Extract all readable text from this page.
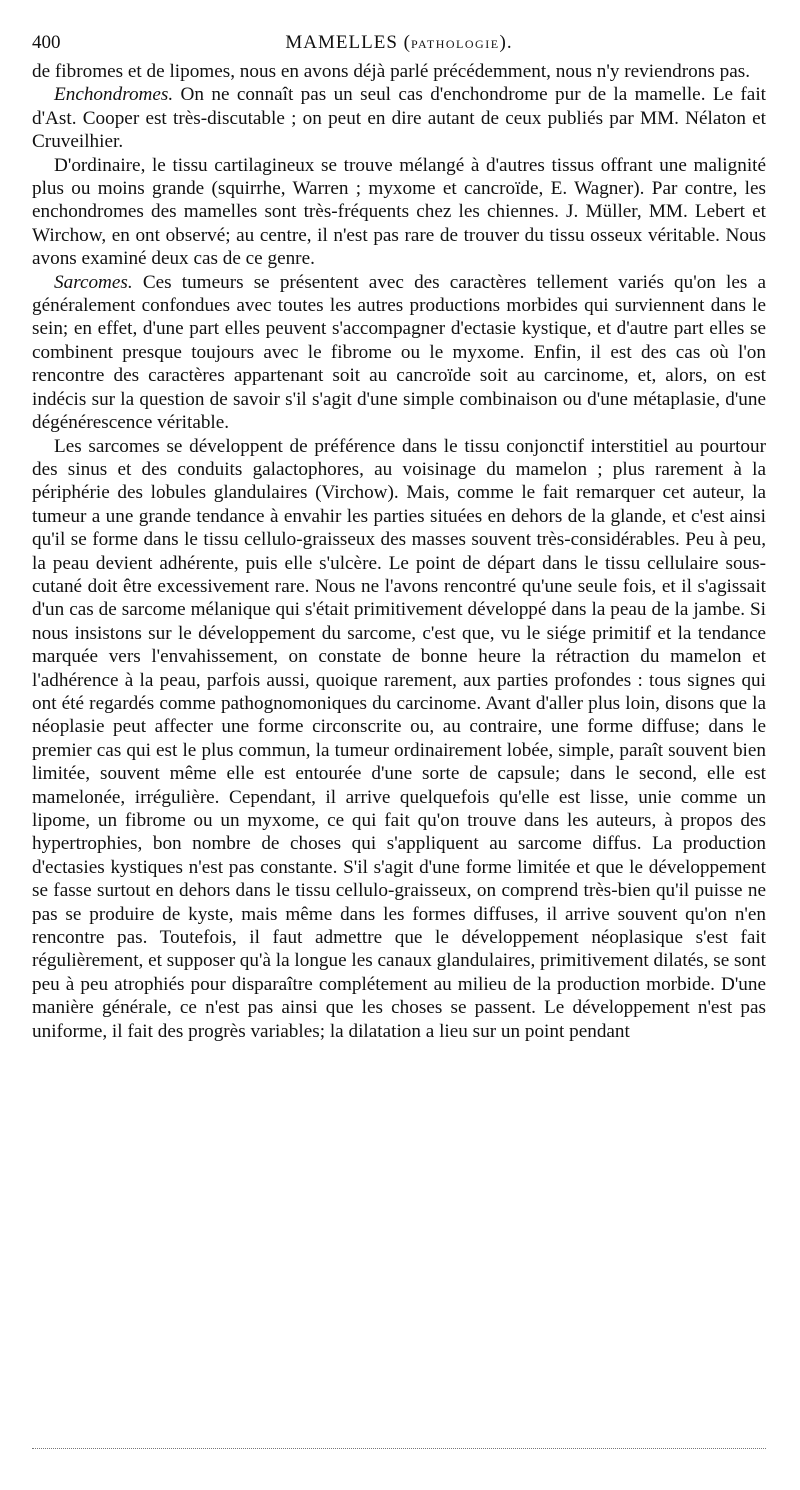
400	MAMELLES (PATHOLOGIE).

de fibromes et de lipomes, nous en avons déjà parlé précédemment, nous n'y reviendrons pas.

Enchondromes. On ne connaît pas un seul cas d'enchondrome pur de la mamelle. Le fait d'Ast. Cooper est très-discutable ; on peut en dire autant de ceux publiés par MM. Nélaton et Cruveilhier.

D'ordinaire, le tissu cartilagineux se trouve mélangé à d'autres tissus offrant une malignité plus ou moins grande (squirrhe, Warren ; myxome et cancroïde, E. Wagner). Par contre, les enchondromes des mamelles sont très-fréquents chez les chiennes. J. Müller, MM. Lebert et Wirchow, en ont observé; au centre, il n'est pas rare de trouver du tissu osseux véritable. Nous avons examiné deux cas de ce genre.

Sarcomes. Ces tumeurs se présentent avec des caractères tellement variés qu'on les a généralement confondues avec toutes les autres productions morbides qui surviennent dans le sein; en effet, d'une part elles peuvent s'accompagner d'ectasie kystique, et d'autre part elles se combinent presque toujours avec le fibrome ou le myxome. Enfin, il est des cas où l'on rencontre des caractères appartenant soit au cancroïde soit au carcinome, et, alors, on est indécis sur la question de savoir s'il s'agit d'une simple combinaison ou d'une métaplasie, d'une dégénérescence véritable.

Les sarcomes se développent de préférence dans le tissu conjonctif interstitiel au pourtour des sinus et des conduits galactophores, au voisinage du mamelon ; plus rarement à la périphérie des lobules glandulaires (Virchow). Mais, comme le fait remarquer cet auteur, la tumeur a une grande tendance à envahir les parties situées en dehors de la glande, et c'est ainsi qu'il se forme dans le tissu cellulo-graisseux des masses souvent très-considérables. Peu à peu, la peau devient adhérente, puis elle s'ulcère. Le point de départ dans le tissu cellulaire sous-cutané doit être excessivement rare. Nous ne l'avons rencontré qu'une seule fois, et il s'agissait d'un cas de sarcome mélanique qui s'était primitivement développé dans la peau de la jambe. Si nous insistons sur le développement du sarcome, c'est que, vu le siége primitif et la tendance marquée vers l'envahissement, on constate de bonne heure la rétraction du mamelon et l'adhérence à la peau, parfois aussi, quoique rarement, aux parties profondes : tous signes qui ont été regardés comme pathognomoniques du carcinome. Avant d'aller plus loin, disons que la néoplasie peut affecter une forme circonscrite ou, au contraire, une forme diffuse; dans le premier cas qui est le plus commun, la tumeur ordinairement lobée, simple, paraît souvent bien limitée, souvent même elle est entourée d'une sorte de capsule; dans le second, elle est mamelonée, irrégulière. Cependant, il arrive quelquefois qu'elle est lisse, unie comme un lipome, un fibrome ou un myxome, ce qui fait qu'on trouve dans les auteurs, à propos des hypertrophies, bon nombre de choses qui s'appliquent au sarcome diffus. La production d'ectasies kystiques n'est pas constante. S'il s'agit d'une forme limitée et que le développement se fasse surtout en dehors dans le tissu cellulo-graisseux, on comprend très-bien qu'il puisse ne pas se produire de kyste, mais même dans les formes diffuses, il arrive souvent qu'on n'en rencontre pas. Toutefois, il faut admettre que le développement néoplasique s'est fait régulièrement, et supposer qu'à la longue les canaux glandulaires, primitivement dilatés, se sont peu à peu atrophiés pour disparaître complétement au milieu de la production morbide. D'une manière générale, ce n'est pas ainsi que les choses se passent. Le développement n'est pas uniforme, il fait des progrès variables; la dilatation a lieu sur un point pendant
